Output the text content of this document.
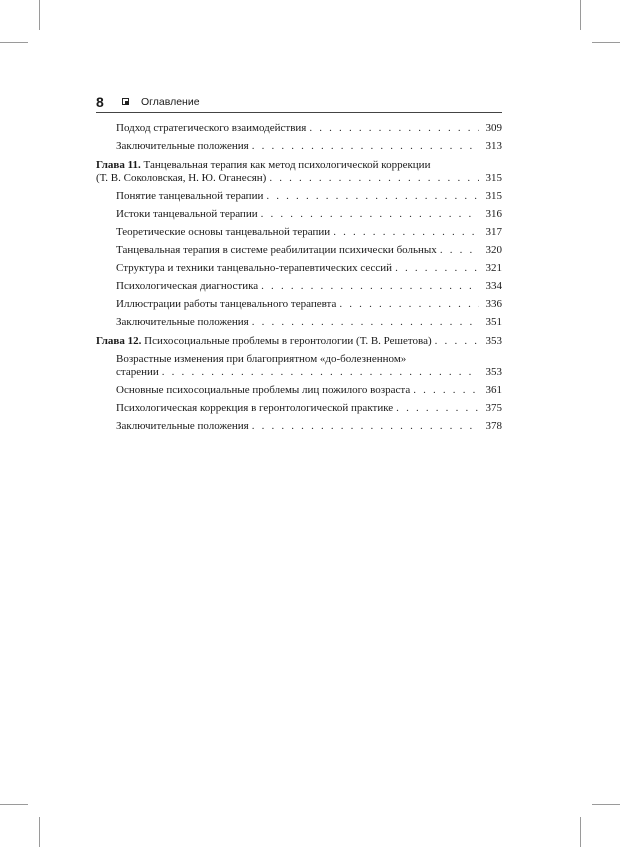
8	Оглавление
Подход стратегического взаимодействия . . .	309
Заключительные положения . . .	313
Глава 11. Танцевальная терапия как метод психологической коррекции
(Т. В. Соколовская, Н. Ю. Оганесян) . . .	315
Понятие танцевальной терапии . . .	315
Истоки танцевальной терапии . . .	316
Теоретические основы танцевальной терапии . . .	317
Танцевальная терапия в системе реабилитации психически больных . . .	320
Структура и техники танцевально-терапевтических сессий . . .	321
Психологическая диагностика . . .	334
Иллюстрации работы танцевального терапевта . . .	336
Заключительные положения . . .	351
Глава 12. Психосоциальные проблемы в геронтологии (Т. В. Решетова) . . .	353
Возрастные изменения при благоприятном «до-болезненном»
старении . . .	353
Основные психосоциальные проблемы лиц пожилого возраста . . .	361
Психологическая коррекция в геронтологической практике . . .	375
Заключительные положения . . .	378
